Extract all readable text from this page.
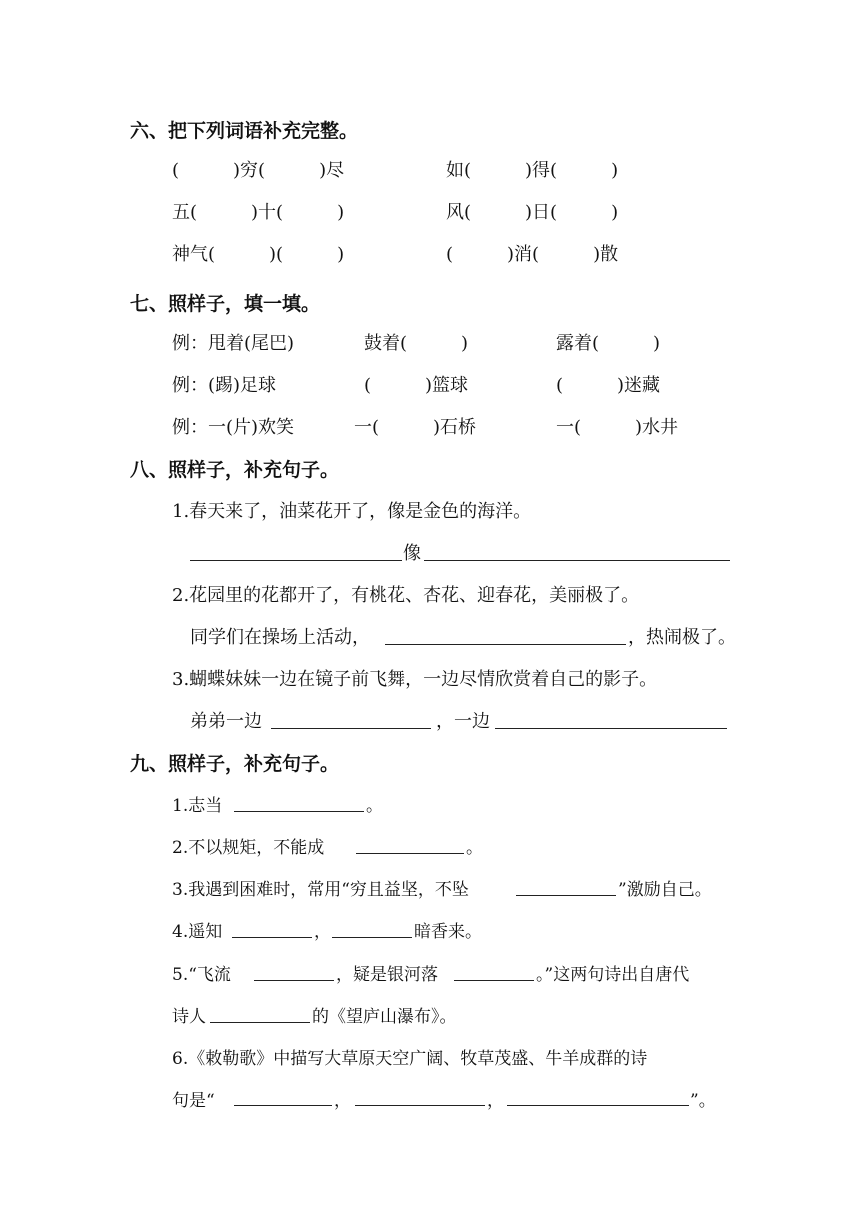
六、把下列词语补充完整。
(　　　)穷(　　　)尽	如(　　　)得(　　　)
五(　　　)十(　　　)	风(　　　)日(　　　)
神气(　　　)(　　　)	(　　　)消(　　　)散
七、照样子，填一填。
例：甩着(尾巴)	鼓着(　　　)	露着(　　　)
例：(踢)足球	(　　　)篮球	(　　　)迷藏
例：一(片)欢笑	一(　　　)石桥	一(　　　)水井
八、照样子，补充句子。
1.春天来了，油菜花开了，像是金色的海洋。
像
2.花园里的花都开了，有桃花、杏花、迎春花，美丽极了。
同学们在操场上活动，	，热闹极了。
3.蝴蝶妹妹一边在镜子前飞舞，一边尽情欣赏着自己的影子。
弟弟一边	，一边
九、照样子，补充句子。
1.志当	。
2.不以规矩，不能成	。
3.我遇到困难时，常用“穷且益坚，不坠	”激励自己。
4.遥知	，	暗香来。
5.“飞流	，疑是银河落	。”这两句诗出自唐代
诗人	的《望庐山瀑布》。
6.《敕勒歌》中描写大草原天空广阔、牧草茂盛、牛羊成群的诗
句是“	，	，	”。
